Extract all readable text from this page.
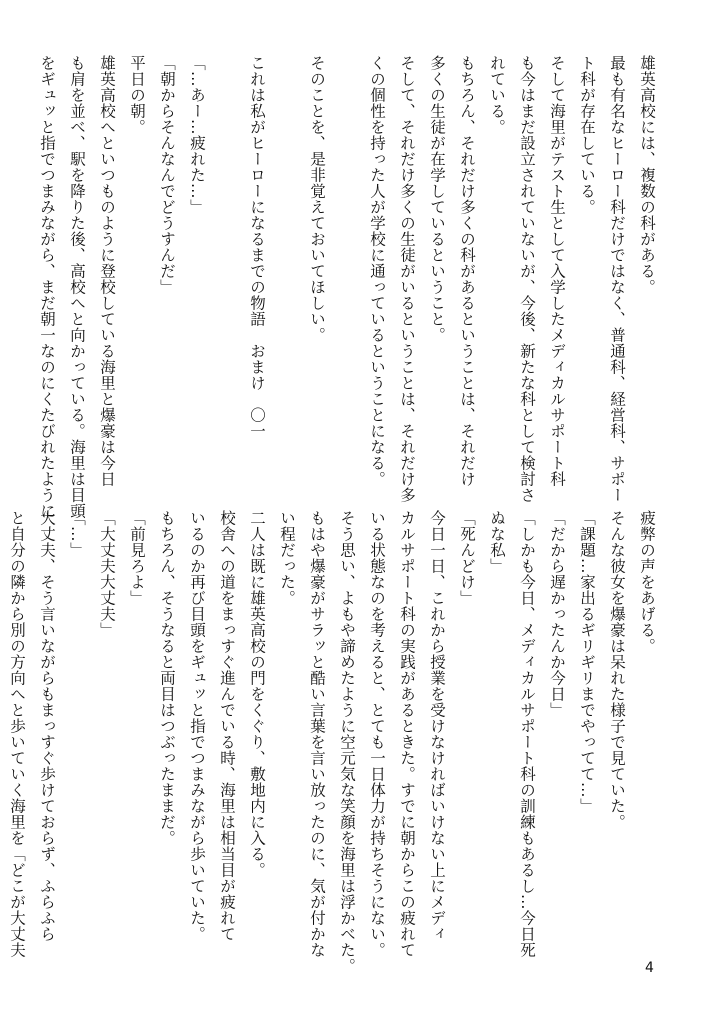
雄英高校には、複数の科がある。

最も有名なヒーロー科だけではなく、普通科、経営科、サポー

ト科が存在している。

そして海里がテスト生として入学したメディカルサポート科

も今はまだ設立されていないが、今後、新たな科として検討さ

れている。

もちろん、それだけ多くの科があるということは、それだけ

多くの生徒が在学しているということ。

そして、それだけ多くの生徒がいるということは、それだけ多

くの個性を持った人が学校に通っているということになる。

そのことを、是非覚えておいてほしい。

これは私がヒーローになるまでの物語　おまけ　〇一

「…あー…疲れた…」

「朝からそんなんでどうすんだ」

平日の朝。

雄英高校へといつものように登校している海里と爆豪は今日

も肩を並べ、駅を降りた後、高校へと向かっている。海里は目頭

をギュッと指でつまみながら、まだ朝一なのにくたびれたように

疲弊の声をあげる。

そんな彼女を爆豪は呆れた様子で見ていた。

「課題…家出るギリギリまでやってて…」

「だから遅かったんか今日」

「しかも今日、メディカルサポート科の訓練もあるし…今日死

ぬな私」

「死んどけ」

今日一日、これから授業を受けなければいけない上にメディ

カルサポート科の実践があるときた。すでに朝からこの疲れて

いる状態なのを考えると、とても一日体力が持ちそうにない。

そう思い、よもや諦めたように空元気な笑顔を海里は浮かべた。

もはや爆豪がサラッと酷い言葉を言い放ったのに、気が付かな

い程だった。

二人は既に雄英高校の門をくぐり、敷地内に入る。

校舎への道をまっすぐ進んでいる時、海里は相当目が疲れて

いるのか再び目頭をギュッと指でつまみながら歩いていた。

もちろん、そうなると両目はつぶったままだ。

「前見ろよ」

「大丈夫大丈夫」

「…」

大丈夫、そう言いながらもまっすぐ歩けておらず、ふらふら

と自分の隣から別の方向へと歩いていく海里を「どこが大丈夫

4
